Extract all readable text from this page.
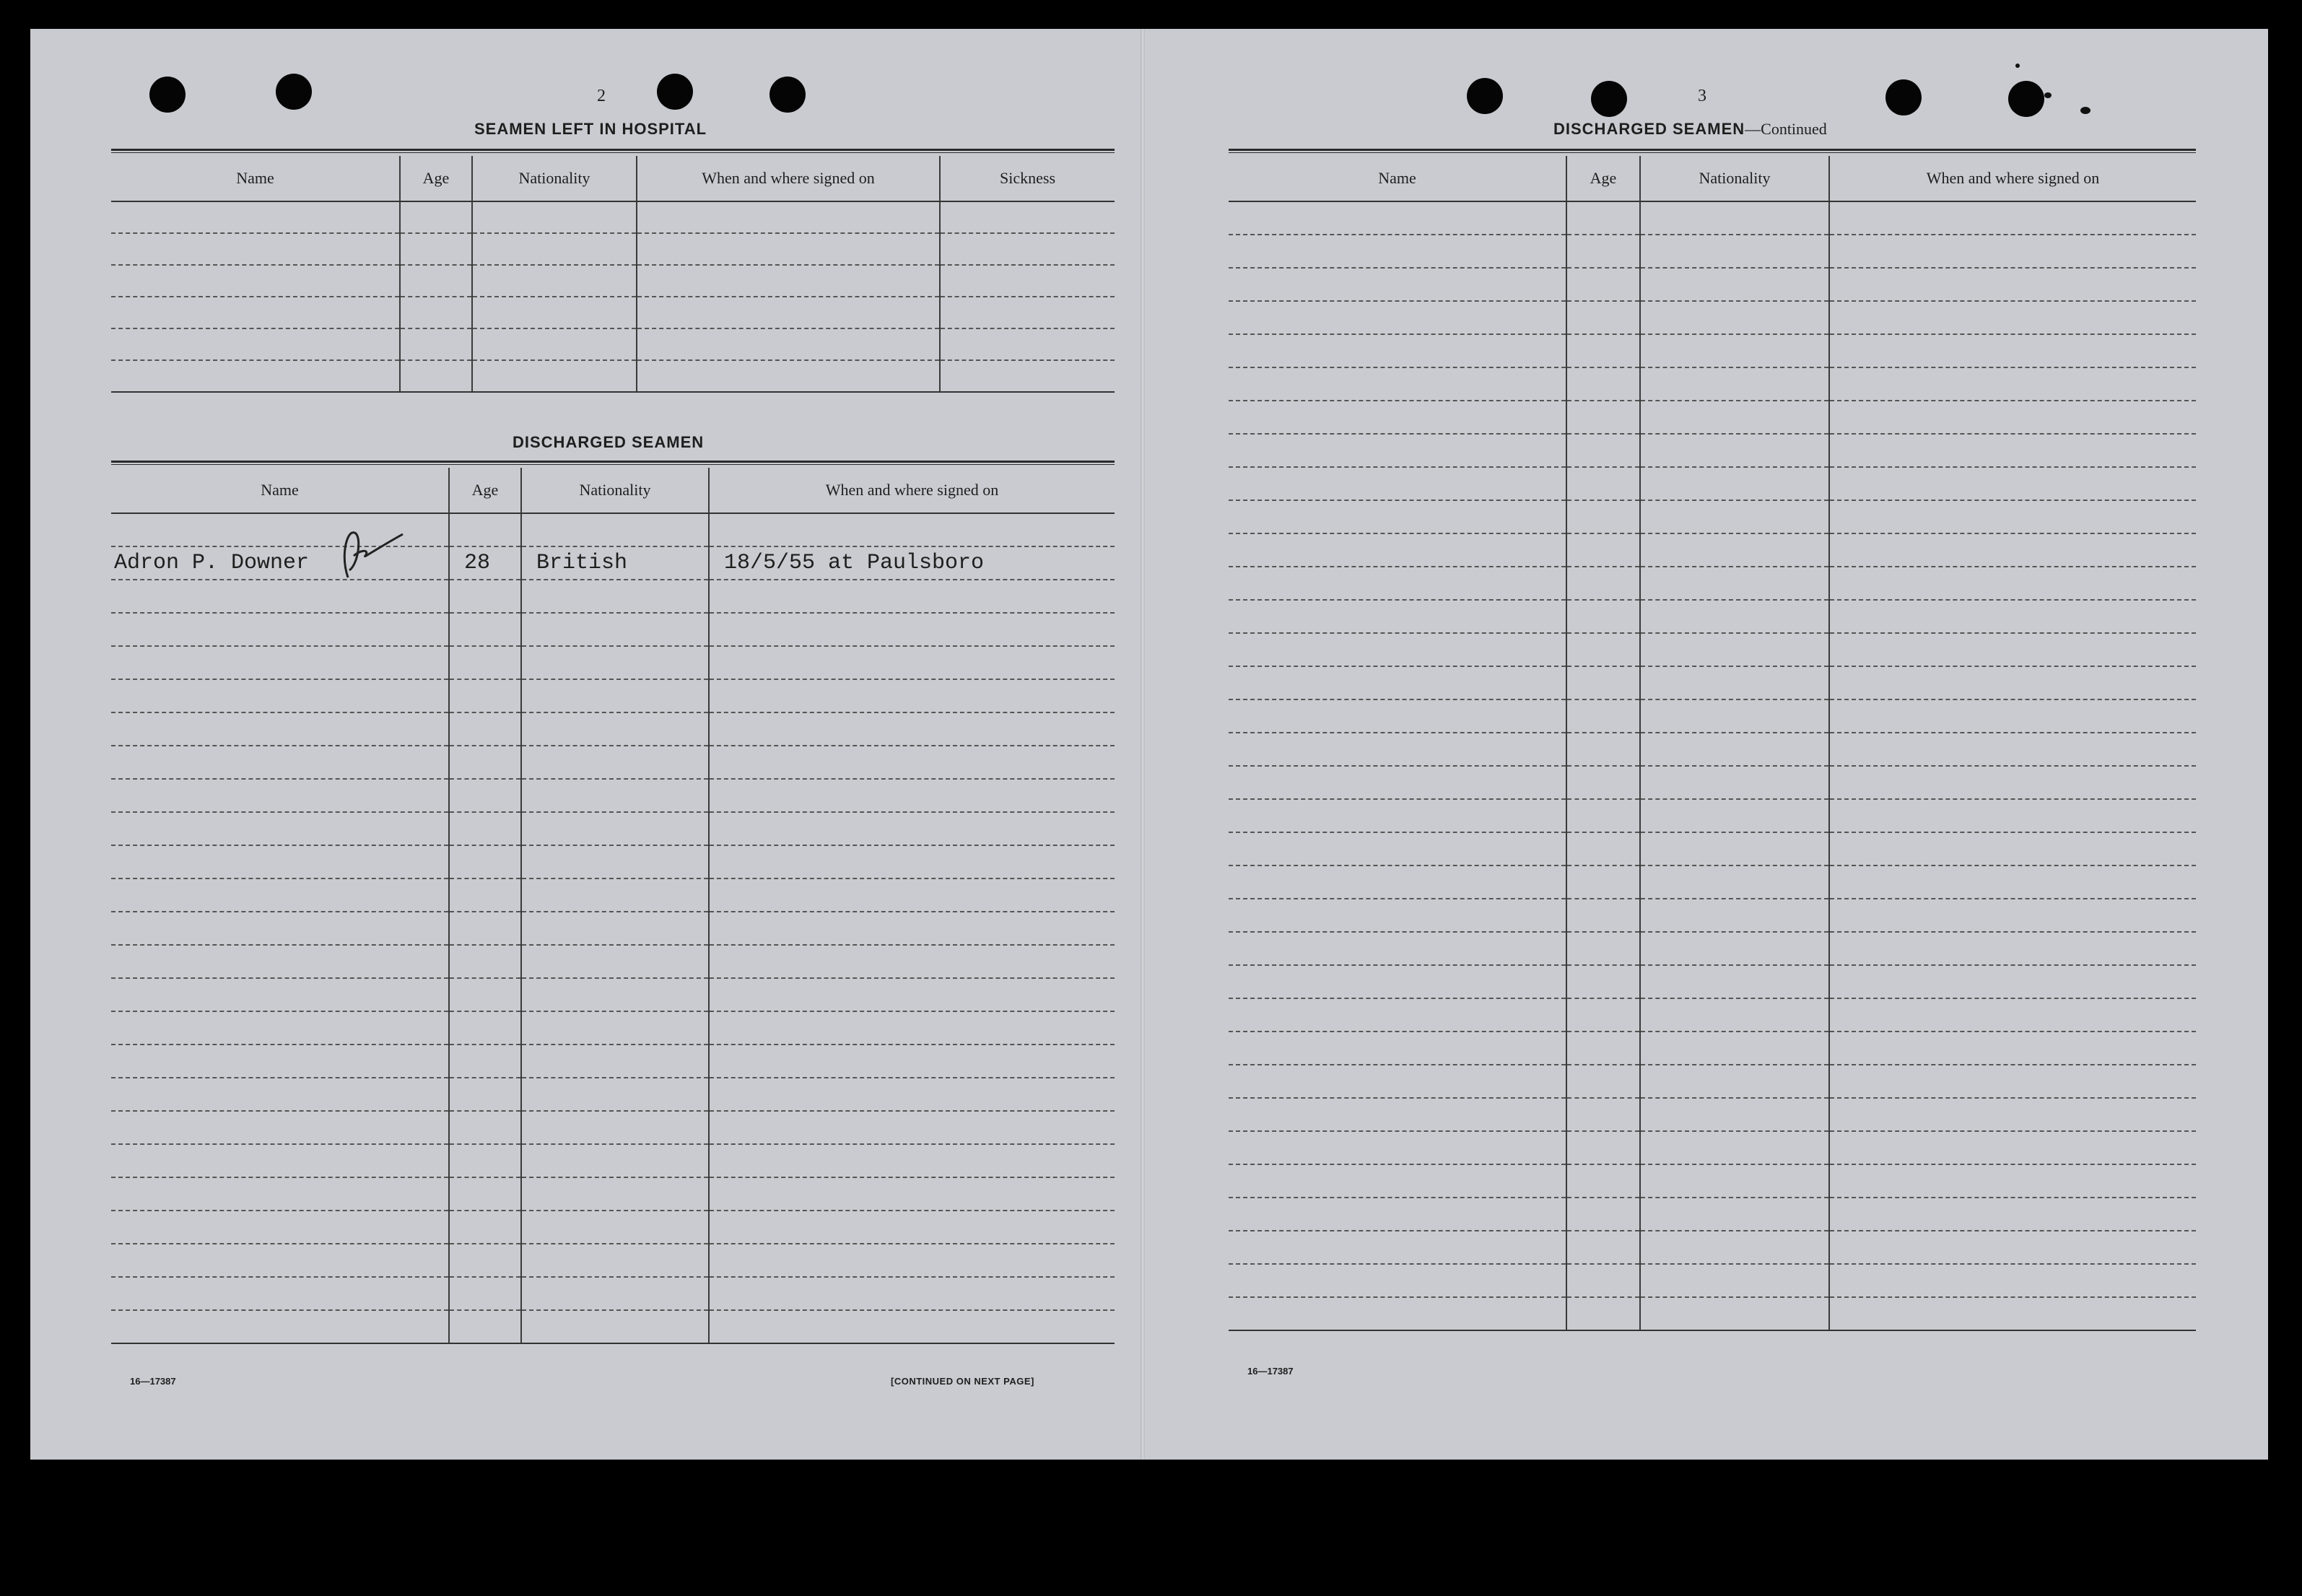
2
SEAMEN LEFT IN HOSPITAL
Name	Age	Nationality	When and where signed on	Sickness

DISCHARGED SEAMEN
Name	Age	Nationality	When and where signed on

Adron P. Downer	28	British	18/5/55 at Paulsboro

16—17387	[CONTINUED ON NEXT PAGE]
3
DISCHARGED SEAMEN—Continued
Name	Age	Nationality	When and where signed on

16—17387
